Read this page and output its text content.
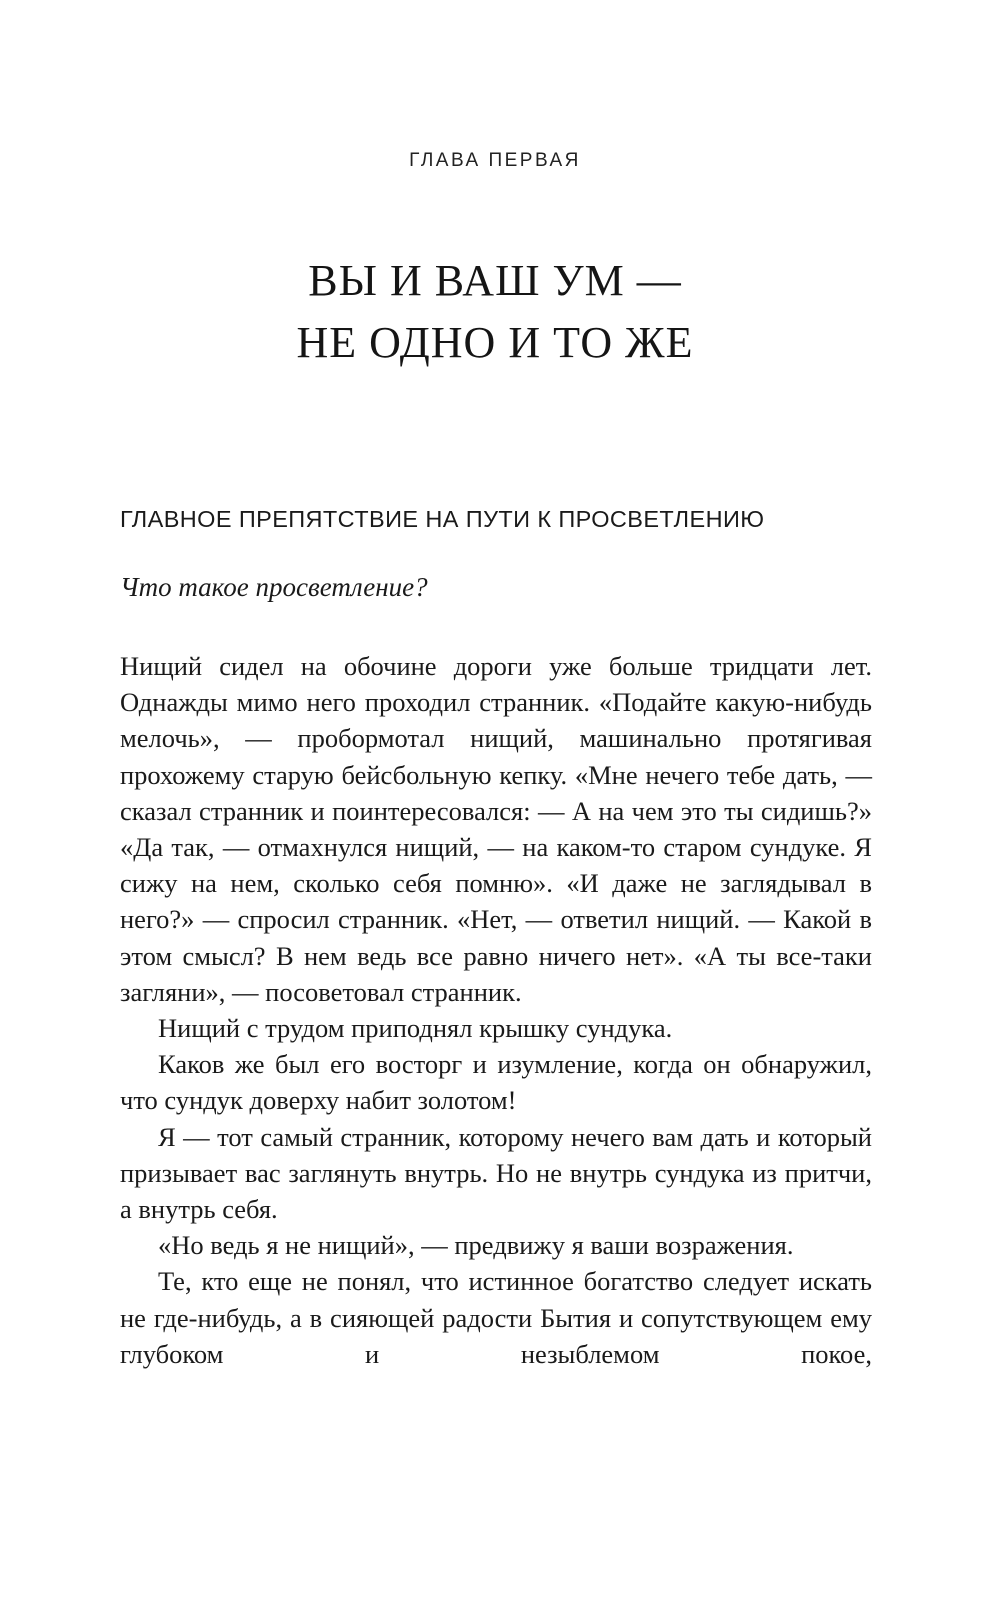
ГЛАВА ПЕРВАЯ
ВЫ И ВАШ УМ —
НЕ ОДНО И ТО ЖЕ
ГЛАВНОЕ ПРЕПЯТСТВИЕ НА ПУТИ К ПРОСВЕТЛЕНИЮ
Что такое просветление?

Нищий сидел на обочине дороги уже больше тридцати лет. Однажды мимо него проходил странник. «Подайте какую-нибудь мелочь», — пробормотал нищий, машинально протягивая прохожему старую бейсбольную кепку. «Мне нечего тебе дать, — сказал странник и поинтересовался: — А на чем это ты сидишь?» «Да так, — отмахнулся нищий, — на каком-то старом сундуке. Я сижу на нем, сколько себя помню». «И даже не заглядывал в него?» — спросил странник. «Нет, — ответил нищий. — Какой в этом смысл? В нем ведь все равно ничего нет». «А ты все-таки загляни», — посоветовал странник.

Нищий с трудом приподнял крышку сундука.

Каков же был его восторг и изумление, когда он обнаружил, что сундук доверху набит золотом!

Я — тот самый странник, которому нечего вам дать и который призывает вас заглянуть внутрь. Но не внутрь сундука из притчи, а внутрь себя.

«Но ведь я не нищий», — предвижу я ваши возражения.

Те, кто еще не понял, что истинное богатство следует искать не где-нибудь, а в сияющей радости Бытия и сопутствующем ему глубоком и незыблемом покое,
